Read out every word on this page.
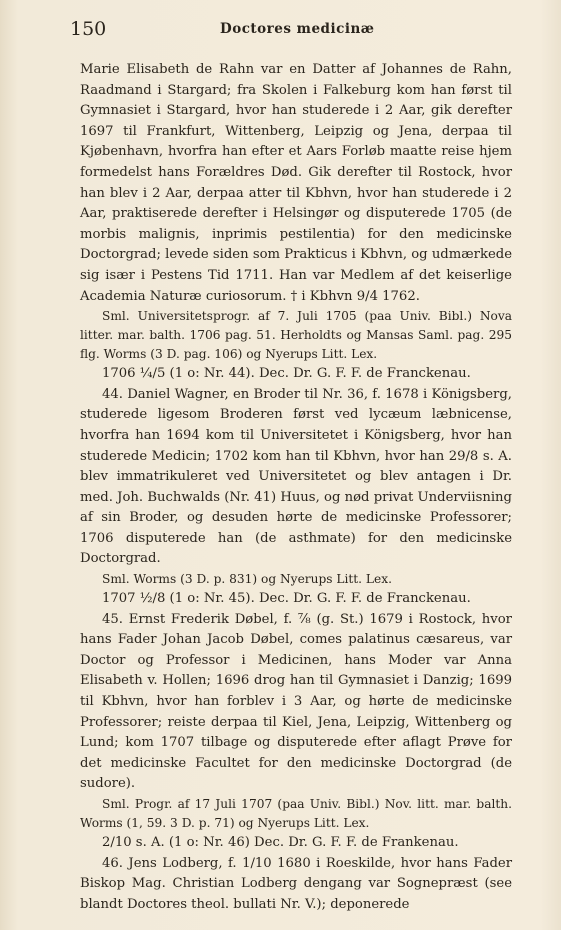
150	Doctores medicinæ

Marie Elisabeth de Rahn var en Datter af Johannes de Rahn, Raadmand i Stargard; fra Skolen i Falkeburg kom han først til Gymnasiet i Stargard, hvor han studerede i 2 Aar, gik derefter 1697 til Frankfurt, Wittenberg, Leipzig og Jena, derpaa til Kjøbenhavn, hvorfra han efter et Aars Forløb maatte reise hjem formedelst hans Forældres Død. Gik derefter til Rostock, hvor han blev i 2 Aar, derpaa atter til Kbhvn, hvor han studerede i 2 Aar, praktiserede derefter i Helsingør og disputerede 1705 (de morbis malignis, inprimis pestilentia) for den medicinske Doctorgrad; levede siden som Prakticus i Kbhvn, og udmærkede sig især i Pestens Tid 1711. Han var Medlem af det keiserlige Academia Naturæ curiosorum. † i Kbhvn 9/4 1762.

Sml. Universitetsprogr. af 7. Juli 1705 (paa Univ. Bibl.) Nova litter. mar. balth. 1706 pag. 51. Herholdts og Mansas Saml. pag. 295 flg. Worms (3 D. pag. 106) og Nyerups Litt. Lex.

1706 ¼/5 (1 o: Nr. 44). Dec. Dr. G. F. F. de Franckenau.

44. Daniel Wagner, en Broder til Nr. 36, f. 1678 i Königsberg, studerede ligesom Broderen først ved lycæum læbnicense, hvorfra han 1694 kom til Universitetet i Königsberg, hvor han studerede Medicin; 1702 kom han til Kbhvn, hvor han 29/8 s. A. blev immatrikuleret ved Universitetet og blev antagen i Dr. med. Joh. Buchwalds (Nr. 41) Huus, og nød privat Underviisning af sin Broder, og desuden hørte de medicinske Professorer; 1706 disputerede han (de asthmate) for den medicinske Doctorgrad.

Sml. Worms (3 D. p. 831) og Nyerups Litt. Lex.

1707 ½/8 (1 o: Nr. 45). Dec. Dr. G. F. F. de Franckenau.

45. Ernst Frederik Døbel, f. ⅞ (g. St.) 1679 i Rostock, hvor hans Fader Johan Jacob Døbel, comes palatinus cæsareus, var Doctor og Professor i Medicinen, hans Moder var Anna Elisabeth v. Hollen; 1696 drog han til Gymnasiet i Danzig; 1699 til Kbhvn, hvor han forblev i 3 Aar, og hørte de medicinske Professorer; reiste derpaa til Kiel, Jena, Leipzig, Wittenberg og Lund; kom 1707 tilbage og disputerede efter aflagt Prøve for det medicinske Facultet for den medicinske Doctorgrad (de sudore).

Sml. Progr. af 17 Juli 1707 (paa Univ. Bibl.) Nov. litt. mar. balth. Worms (1, 59. 3 D. p. 71) og Nyerups Litt. Lex.

2/10 s. A. (1 o: Nr. 46) Dec. Dr. G. F. F. de Frankenau.

46. Jens Lodberg, f. 1/10 1680 i Roeskilde, hvor hans Fader Biskop Mag. Christian Lodberg dengang var Sognepræst (see blandt Doctores theol. bullati Nr. V.); deponerede
